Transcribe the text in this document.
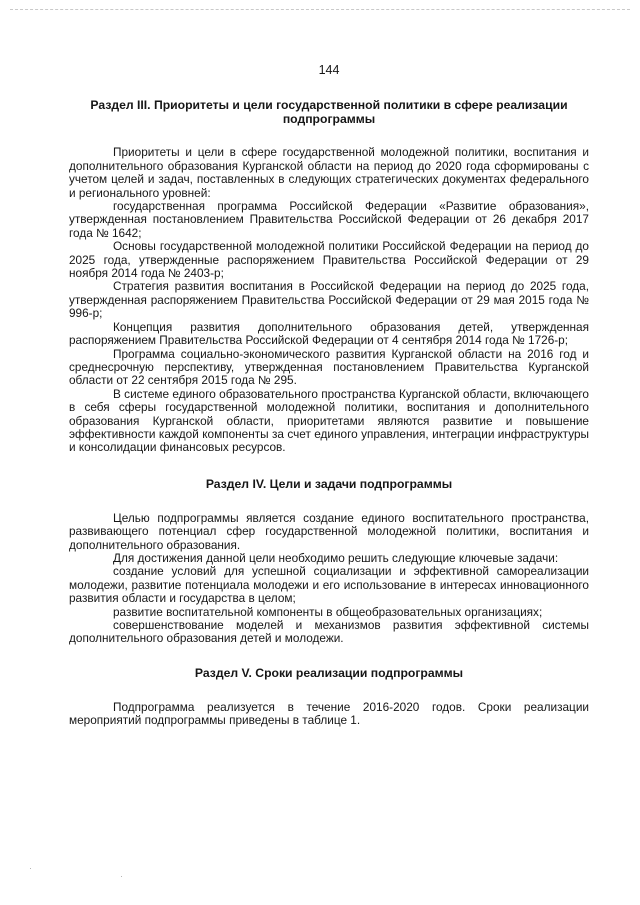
144
Раздел III. Приоритеты и цели государственной политики в сфере реализации подпрограммы

Приоритеты и цели в сфере государственной молодежной политики, воспитания и дополнительного образования Курганской области на период до 2020 года сформированы с учетом целей и задач, поставленных в следующих стратегических документах федерального и регионального уровней:

государственная программа Российской Федерации «Развитие образования», утвержденная постановлением Правительства Российской Федерации от 26 декабря 2017 года № 1642;

Основы государственной молодежной политики Российской Федерации на период до 2025 года, утвержденные распоряжением Правительства Российской Федерации от 29 ноября 2014 года № 2403-р;

Стратегия развития воспитания в Российской Федерации на период до 2025 года, утвержденная распоряжением Правительства Российской Федерации от 29 мая 2015 года № 996-р;

Концепция развития дополнительного образования детей, утвержденная распоряжением Правительства Российской Федерации от 4 сентября 2014 года № 1726-р;

Программа социально-экономического развития Курганской области на 2016 год и среднесрочную перспективу, утвержденная постановлением Правительства Курганской области от 22 сентября 2015 года № 295.

В системе единого образовательного пространства Курганской области, включающего в себя сферы государственной молодежной политики, воспитания и дополнительного образования Курганской области, приоритетами являются развитие и повышение эффективности каждой компоненты за счет единого управления, интеграции инфраструктуры и консолидации финансовых ресурсов.

Раздел IV. Цели и задачи подпрограммы

Целью подпрограммы является создание единого воспитательного пространства, развивающего потенциал сфер государственной молодежной политики, воспитания и дополнительного образования.

Для достижения данной цели необходимо решить следующие ключевые задачи:

создание условий для успешной социализации и эффективной самореализации молодежи, развитие потенциала молодежи и его использование в интересах инновационного развития области и государства в целом;

развитие воспитательной компоненты в общеобразовательных организациях;

совершенствование моделей и механизмов развития эффективной системы дополнительного образования детей и молодежи.

Раздел V. Сроки реализации подпрограммы

Подпрограмма реализуется в течение 2016-2020 годов. Сроки реализации мероприятий подпрограммы приведены в таблице 1.
